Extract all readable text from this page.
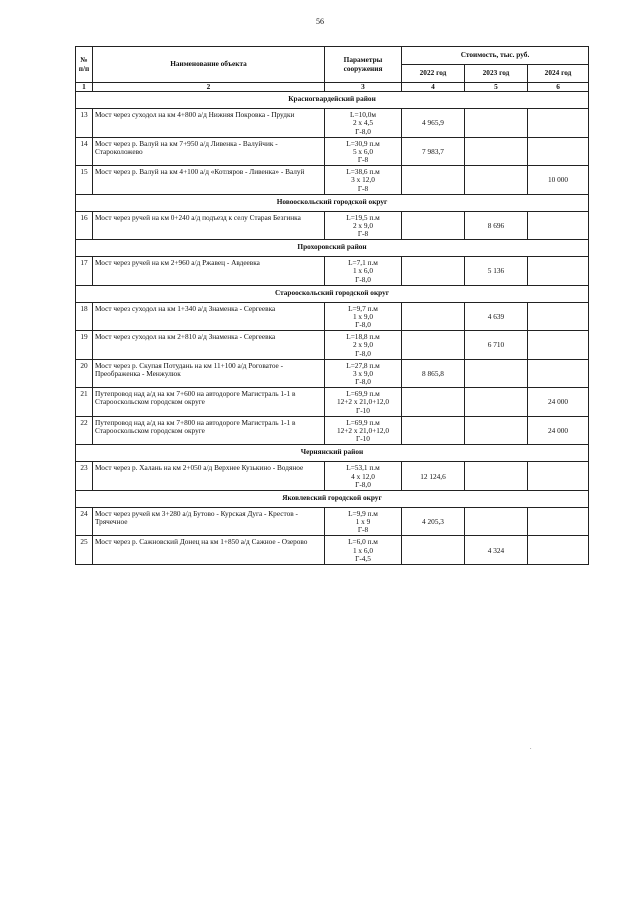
56
№ п/п	Наименование объекта	Параметры сооружения	Стоимость, тыс. руб.		
			2022 год	2023 год	2024 год
1	2	3	4	5	6
Красногвардейский район					
13	Мост через суходол на км 4+800 а/д Нижняя Покровка - Прудки	L=10,0м
2 x 4,5
Г-8,0	4 965,9		
14	Мост через р. Валуй на км 7+950 а/д Ливенка - Валуйчик - Староколожево	L=30,9 п.м
5 x 6,0
Г-8	7 983,7		
15	Мост через р. Валуй на км 4+100 а/д «Котляров - Ливенка» - Валуй	L=38,6 п.м
3 x 12,0
Г-8			10 000
Новооскольский городской округ					
16	Мост через ручей на км 0+240 а/д подъезд к селу Старая Безгинка	L=19,5 п.м
2 x 9,0
Г-8		8 696	
Прохоровский район					
17	Мост через ручей на км 2+960 а/д Ржавец - Авдеевка	L=7,1 п.м
1 x 6,0
Г-8,0		5 136	
Старооскольский городской округ					
18	Мост через суходол на км 1+340 а/д Знаменка - Сергеевка	L=9,7 п.м
1 x 9,0
Г-8,0		4 639	
19	Мост через суходол на км 2+810 а/д Знаменка - Сергеевка	L=18,8 п.м
2 x 9,0
Г-8,0		6 710	
20	Мост через р. Скупая Потудань на км 11+100 а/д Роговатое - Преображенка - Менжулюк	L=27,8 п.м
3 x 9,0
Г-8,0	8 865,8		
21	Путепровод над а/д на км 7+600 на автодороге Магистраль 1-1 в Старооскольском городском округе	L=69,9 п.м
12+2 x 21,0+12,0
Г-10			24 000
22	Путепровод над а/д на км 7+800 на автодороге Магистраль 1-1 в Старооскольском городском округе	L=69,9 п.м
12+2 x 21,0+12,0
Г-10			24 000
Чернянский район					
23	Мост через р. Халань на км 2+050 а/д Верхнее Кузькино - Водяное	L=53,1 п.м
4 x 12,0
Г-8,0	12 124,6		
Яковлевский городской округ					
24	Мост через ручей км 3+280 а/д Бутово - Курская Дуга - Крестов - Трячечное	L=9,9 п.м
1 x 9
Г-8	4 205,3		
25	Мост через р. Сажновский Донец на км 1+850 а/д Сажное - Озерово	L=6,0 п.м
1 x 6,0
Г-4,5		4 324	
.
